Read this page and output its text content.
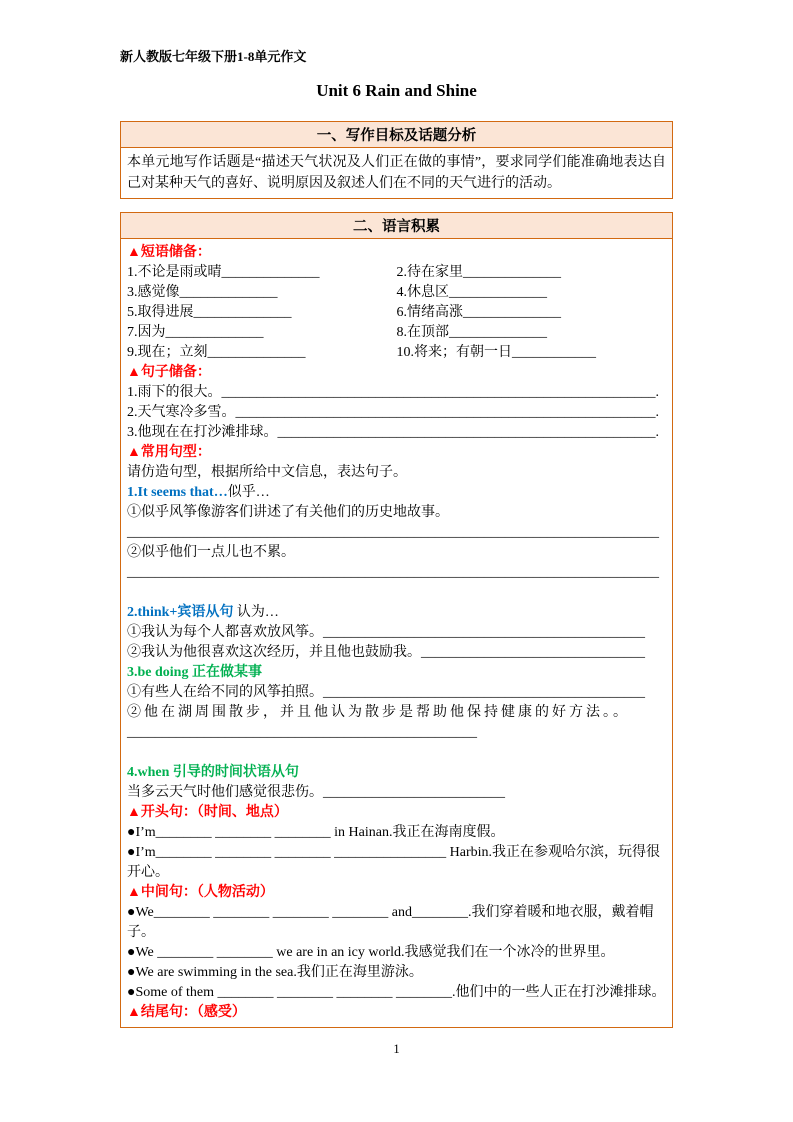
新人教版七年级下册1-8单元作文
Unit 6 Rain and Shine
一、写作目标及话题分析
本单元地写作话题是“描述天气状况及人们正在做的事情”，要求同学们能准确地表达自己对某种天气的喜好、说明原因及叙述人们在不同的天气进行的活动。
二、语言积累

▲短语储备：

1.不论是雨或晴______________	2.待在家里______________
3.感觉像______________	4.休息区______________
5.取得进展______________	6.情绪高涨______________
7.因为______________	8.在顶部______________
9.现在；立刻______________	10.将来；有朝一日____________

▲句子储备：

1.雨下的很大。______________________________________________________________.

2.天气寒冷多雪。____________________________________________________________.

3.他现在在打沙滩排球。______________________________________________________.

▲常用句型：

请仿造句型，根据所给中文信息，表达句子。

1.It seems that…似乎…

①似乎风筝像游客们讲述了有关他们的历史地故事。

____________________________________________________________________________

②似乎他们一点儿也不累。

____________________________________________________________________________

2.think+宾语从句 认为…

①我认为每个人都喜欢放风筝。______________________________________________

②我认为他很喜欢这次经历，并且他也鼓励我。________________________________

3.be doing 正在做某事

①有些人在给不同的风筝拍照。______________________________________________

②他在湖周围散步，并且他认为散步是帮助他保持健康的好方法。。

__________________________________________________

4.when 引导的时间状语从句

当多云天气时他们感觉很悲伤。__________________________

▲开头句：（时间、地点）

●I’m________ ________ ________ in Hainan.我正在海南度假。

●I’m________ ________ ________ ________________ Harbin.我正在参观哈尔滨，玩得很开心。

▲中间句：（人物活动）

●We________ ________ ________ ________ and________.我们穿着暖和地衣服，戴着帽子。

●We ________ ________ we are in an icy world.我感觉我们在一个冰冷的世界里。

●We are swimming in the sea.我们正在海里游泳。

●Some of them ________ ________ ________ ________.他们中的一些人正在打沙滩排球。

▲结尾句：（感受）

1
